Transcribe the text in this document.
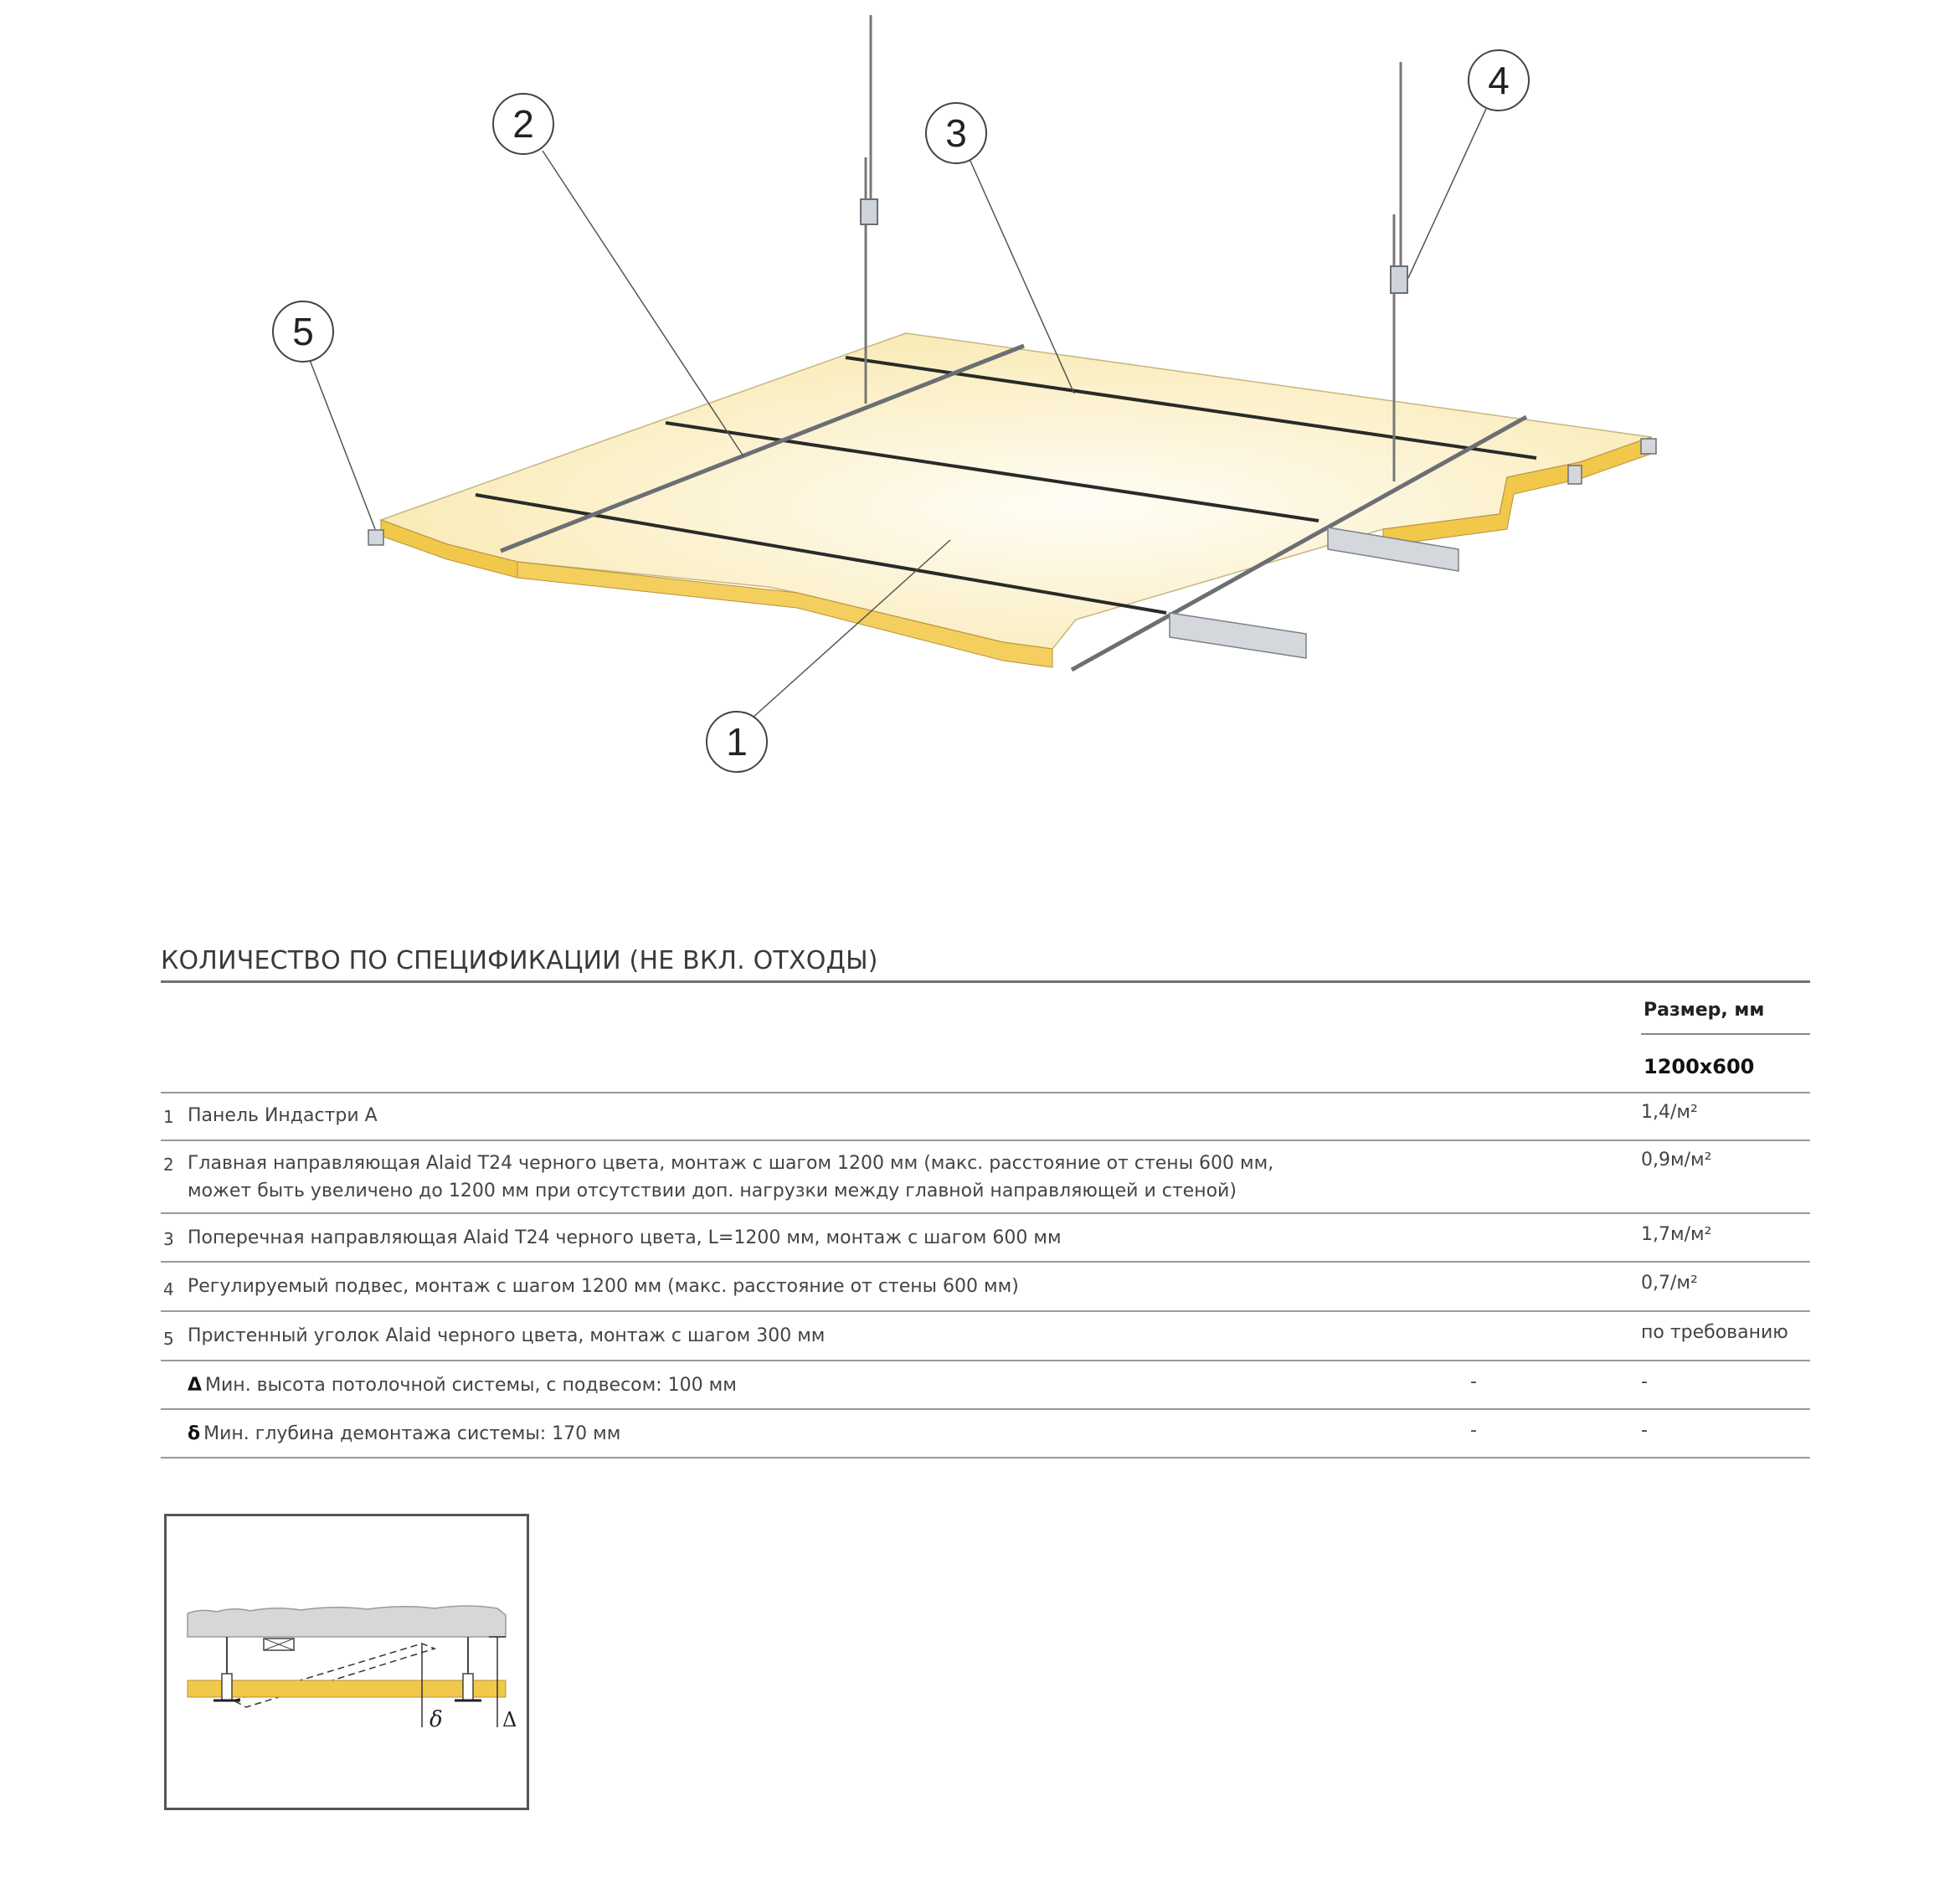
1
2	3
4
5
КОЛИЧЕСТВО ПО СПЕЦИФИКАЦИИ (НЕ ВКЛ. ОТХОДЫ)
Размер, мм
1200x600
1 Панель Индастри А	1,4/м²
2 Главная направляющая Alaid T24 черного цвета, монтаж с шагом 1200 мм (макс. расстояние от стены 600 мм,
может быть увеличено до 1200 мм при отсутствии доп. нагрузки между главной направляющей и стеной)
0,9м/м²
3 Поперечная направляющая Alaid T24 черного цвета, L=1200 мм, монтаж с шагом 600 мм	1,7м/м²
4 Регулируемый подвес, монтаж с шагом 1200 мм (макс. расстояние от стены 600 мм)	0,7/м²
5 Пристенный уголок Alaid черного цвета, монтаж с шагом 300 мм	по требованию
Δ Мин. высота потолочной системы, с подвесом: 100 мм	-	-
δ Мин. глубина демонтажа системы: 170 мм	-	-
δ	Δ
